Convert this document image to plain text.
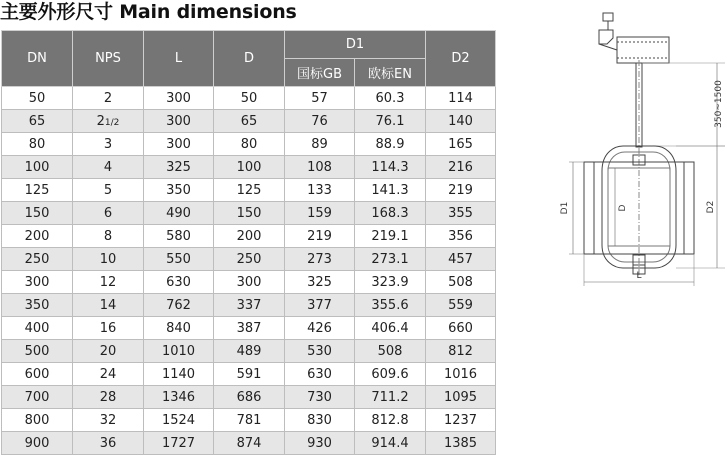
主要外形尺寸 Main dimensions
DN	NPS	L	D	D1		D2
				国标GB	欧标EN	
50	2	300	50	57	60.3	114
65	21/2	300	65	76	76.1	140
80	3	300	80	89	88.9	165
100	4	325	100	108	114.3	216
125	5	350	125	133	141.3	219
150	6	490	150	159	168.3	355
200	8	580	200	219	219.1	356
250	10	550	250	273	273.1	457
300	12	630	300	325	323.9	508
350	14	762	337	377	355.6	559
400	16	840	387	426	406.4	660
500	20	1010	489	530	508	812
600	24	1140	591	630	609.6	1016
700	28	1346	686	730	711.2	1095
800	32	1524	781	830	812.8	1237
900	36	1727	874	930	914.4	1385
350~1500
D1	D	D2
L
